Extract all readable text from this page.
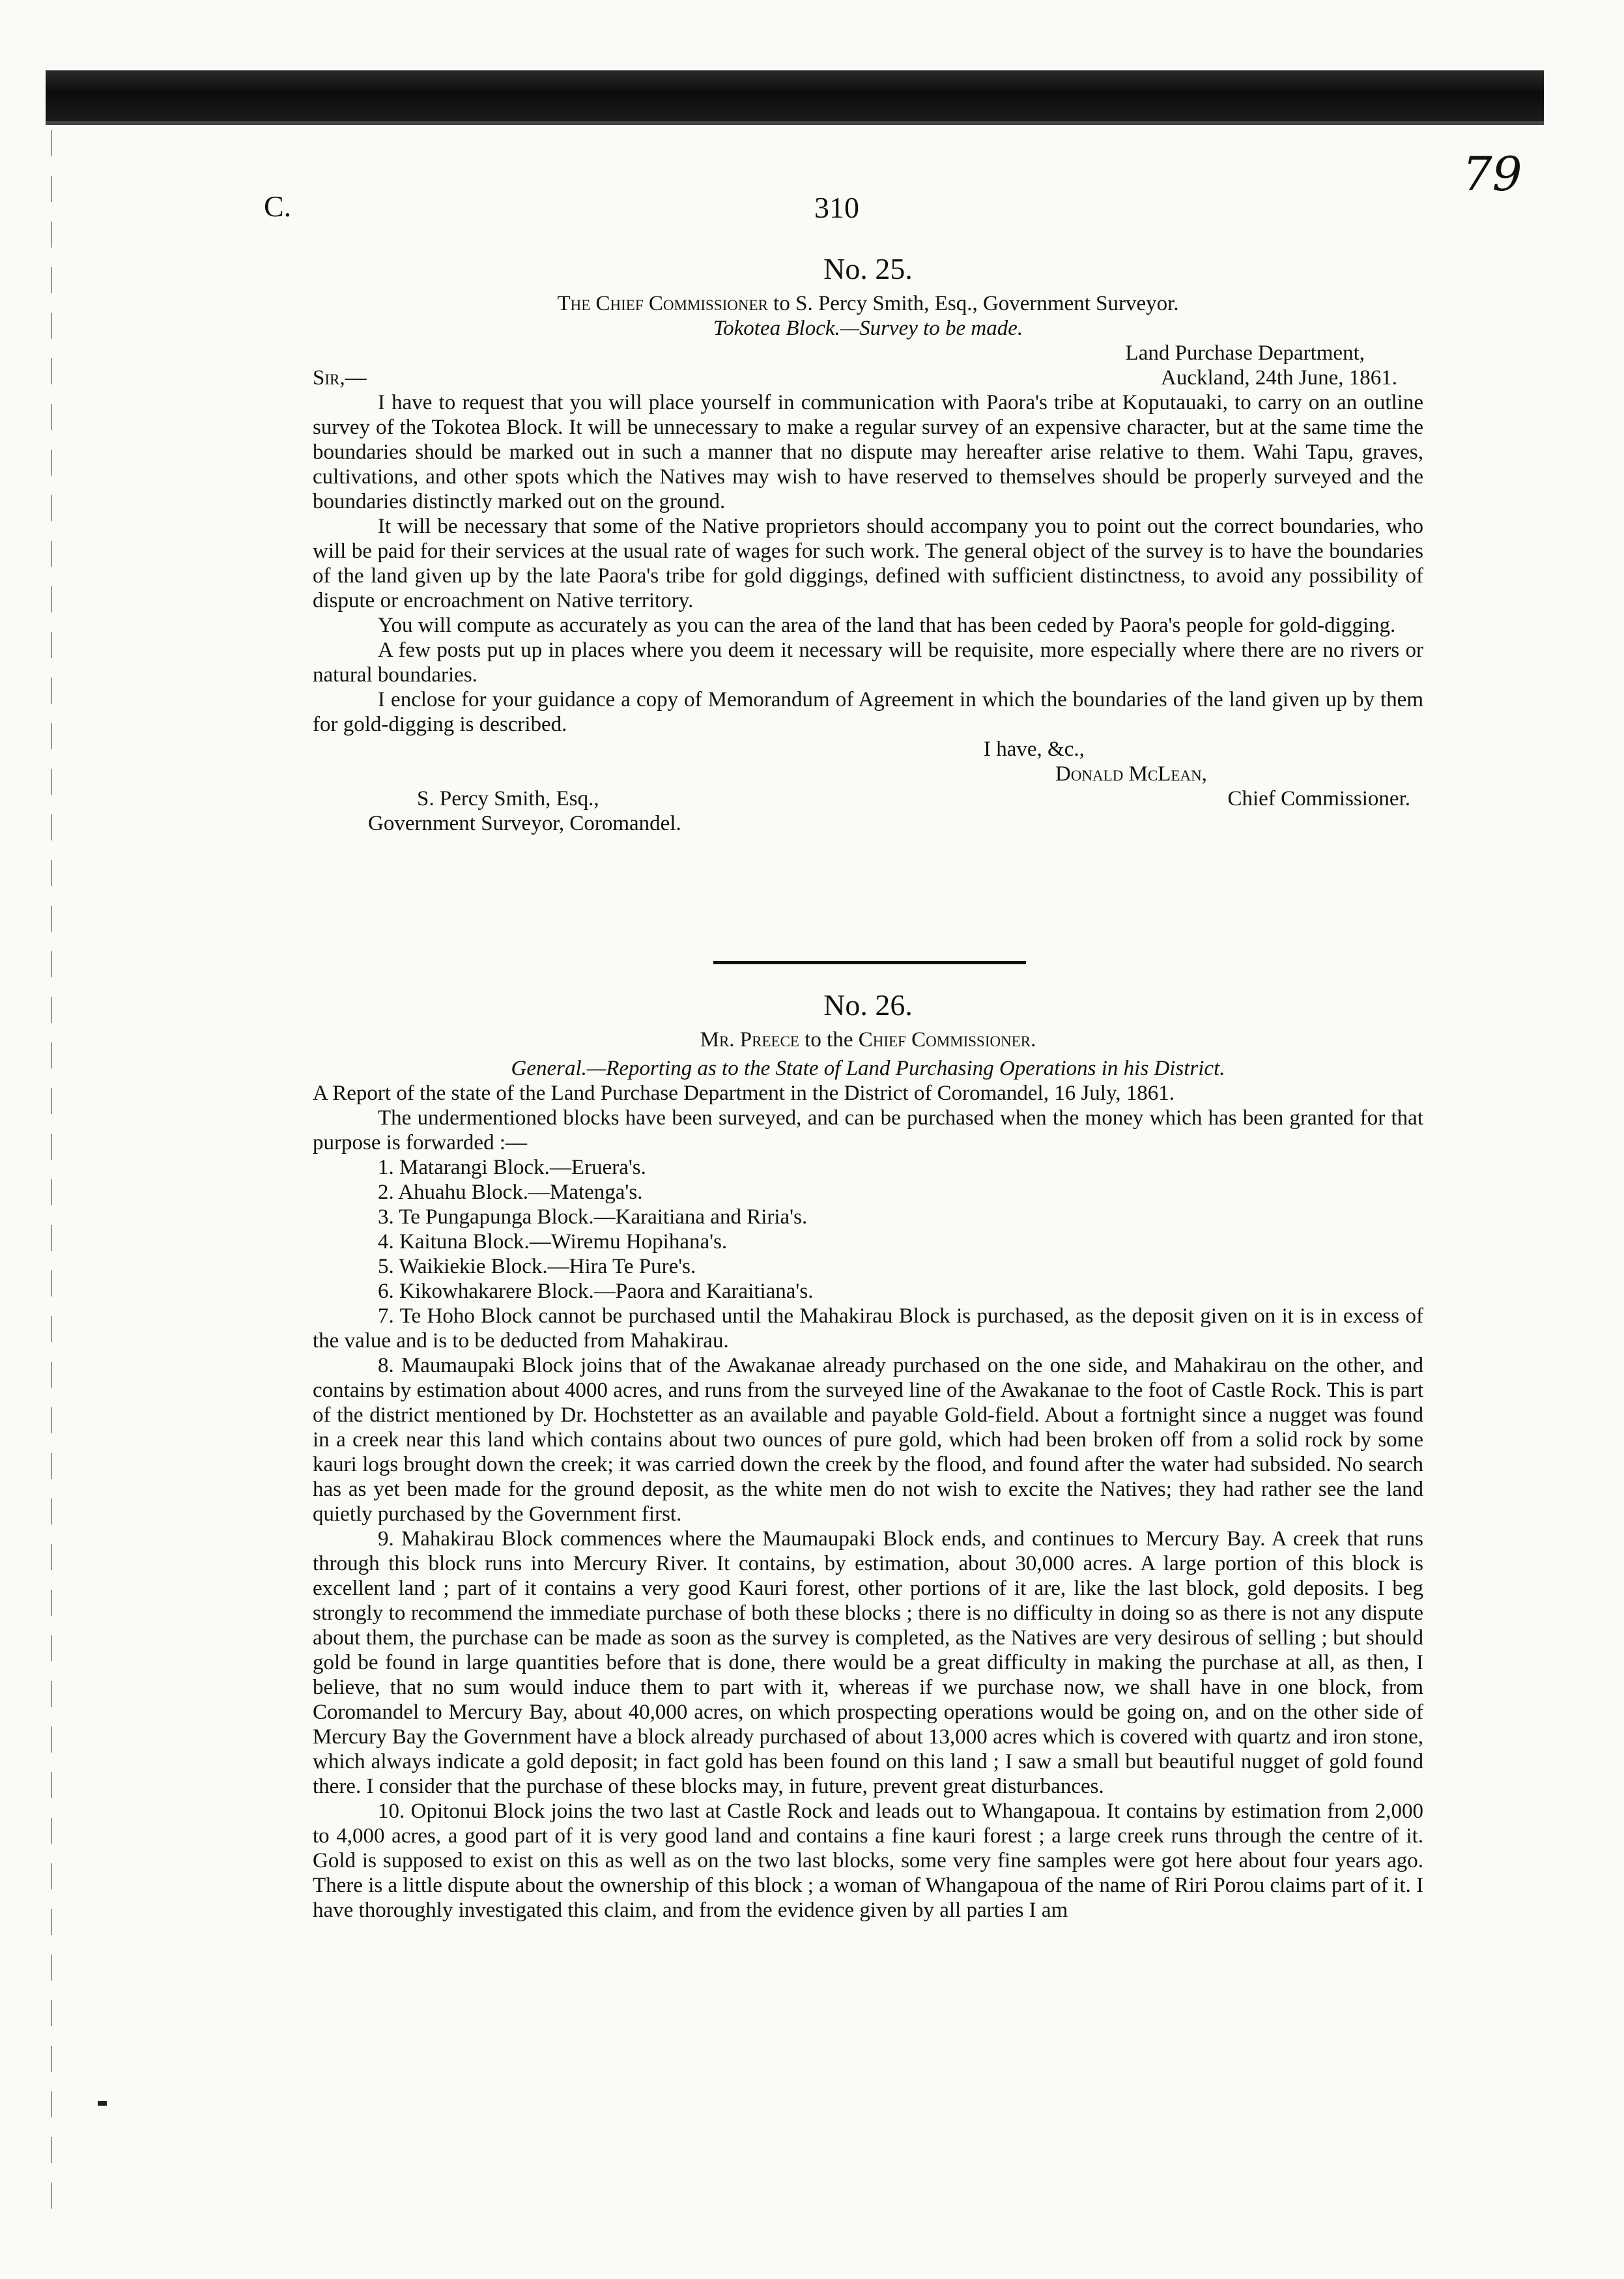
79
C.	310
No. 25.
The Chief Commissioner to S. Percy Smith, Esq., Government Surveyor.
Tokotea Block.—Survey to be made.
Land Purchase Department,
Sir,—	Auckland, 24th June, 1861.

I have to request that you will place yourself in communication with Paora's tribe at Koputauaki, to carry on an outline survey of the Tokotea Block. It will be unnecessary to make a regular survey of an expensive character, but at the same time the boundaries should be marked out in such a manner that no dispute may hereafter arise relative to them. Wahi Tapu, graves, cultivations, and other spots which the Natives may wish to have reserved to themselves should be properly surveyed and the boundaries distinctly marked out on the ground.

It will be necessary that some of the Native proprietors should accompany you to point out the correct boundaries, who will be paid for their services at the usual rate of wages for such work. The general object of the survey is to have the boundaries of the land given up by the late Paora's tribe for gold diggings, defined with sufficient distinctness, to avoid any possibility of dispute or encroachment on Native territory.

You will compute as accurately as you can the area of the land that has been ceded by Paora's people for gold-digging.

A few posts put up in places where you deem it necessary will be requisite, more especially where there are no rivers or natural boundaries.

I enclose for your guidance a copy of Memorandum of Agreement in which the boundaries of the land given up by them for gold-digging is described.

I have, &c.,
Donald McLean,
S. Percy Smith, Esq.,	Chief Commissioner.
Government Surveyor, Coromandel.
No. 26.
Mr. Preece to the Chief Commissioner.
General.—Reporting as to the State of Land Purchasing Operations in his District.

A Report of the state of the Land Purchase Department in the District of Coromandel, 16 July, 1861.

The undermentioned blocks have been surveyed, and can be purchased when the money which has been granted for that purpose is forwarded :—

1. Matarangi Block.—Eruera's.
2. Ahuahu Block.—Matenga's.
3. Te Pungapunga Block.—Karaitiana and Riria's.
4. Kaituna Block.—Wiremu Hopihana's.
5. Waikiekie Block.—Hira Te Pure's.
6. Kikowhakarere Block.—Paora and Karaitiana's.

7. Te Hoho Block cannot be purchased until the Mahakirau Block is purchased, as the deposit given on it is in excess of the value and is to be deducted from Mahakirau.

8. Maumaupaki Block joins that of the Awakanae already purchased on the one side, and Mahakirau on the other, and contains by estimation about 4000 acres, and runs from the surveyed line of the Awakanae to the foot of Castle Rock. This is part of the district mentioned by Dr. Hochstetter as an available and payable Gold-field. About a fortnight since a nugget was found in a creek near this land which contains about two ounces of pure gold, which had been broken off from a solid rock by some kauri logs brought down the creek; it was carried down the creek by the flood, and found after the water had subsided. No search has as yet been made for the ground deposit, as the white men do not wish to excite the Natives; they had rather see the land quietly purchased by the Government first.

9. Mahakirau Block commences where the Maumaupaki Block ends, and continues to Mercury Bay. A creek that runs through this block runs into Mercury River. It contains, by estimation, about 30,000 acres. A large portion of this block is excellent land ; part of it contains a very good Kauri forest, other portions of it are, like the last block, gold deposits. I beg strongly to recommend the immediate purchase of both these blocks ; there is no difficulty in doing so as there is not any dispute about them, the purchase can be made as soon as the survey is completed, as the Natives are very desirous of selling ; but should gold be found in large quantities before that is done, there would be a great difficulty in making the purchase at all, as then, I believe, that no sum would induce them to part with it, whereas if we purchase now, we shall have in one block, from Coromandel to Mercury Bay, about 40,000 acres, on which prospecting operations would be going on, and on the other side of Mercury Bay the Government have a block already purchased of about 13,000 acres which is covered with quartz and iron stone, which always indicate a gold deposit; in fact gold has been found on this land ; I saw a small but beautiful nugget of gold found there. I consider that the purchase of these blocks may, in future, prevent great disturbances.

10. Opitonui Block joins the two last at Castle Rock and leads out to Whangapoua. It contains by estimation from 2,000 to 4,000 acres, a good part of it is very good land and contains a fine kauri forest ; a large creek runs through the centre of it. Gold is supposed to exist on this as well as on the two last blocks, some very fine samples were got here about four years ago. There is a little dispute about the ownership of this block ; a woman of Whangapoua of the name of Riri Porou claims part of it. I have thoroughly investigated this claim, and from the evidence given by all parties I am
